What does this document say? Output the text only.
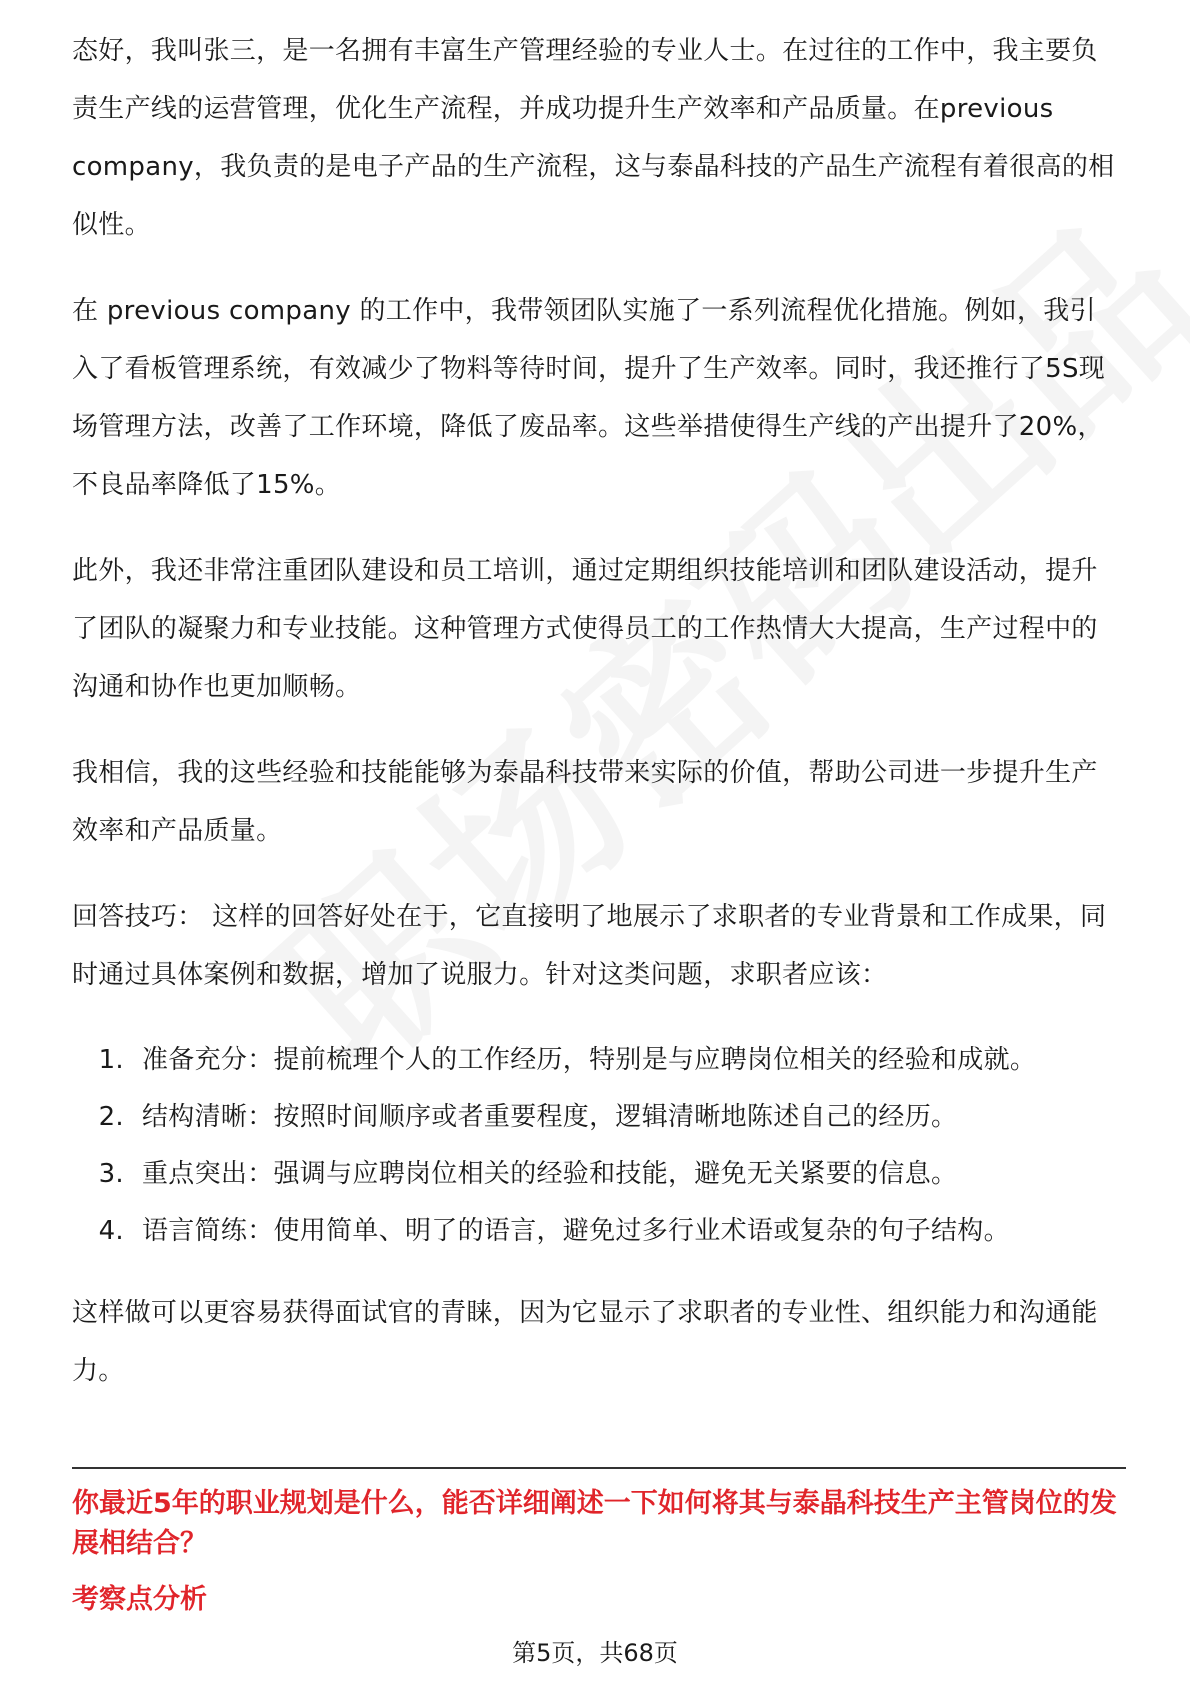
态好，我叫张三，是一名拥有丰富生产管理经验的专业人士。在过往的工作中，我主要负责生产线的运营管理，优化生产流程，并成功提升生产效率和产品质量。在previous company，我负责的是电子产品的生产流程，这与泰晶科技的产品生产流程有着很高的相似性。

在 previous company 的工作中，我带领团队实施了一系列流程优化措施。例如，我引入了看板管理系统，有效减少了物料等待时间，提升了生产效率。同时，我还推行了5S现场管理方法，改善了工作环境，降低了废品率。这些举措使得生产线的产出提升了20%，不良品率降低了15%。

此外，我还非常注重团队建设和员工培训，通过定期组织技能培训和团队建设活动，提升了团队的凝聚力和专业技能。这种管理方式使得员工的工作热情大大提高，生产过程中的沟通和协作也更加顺畅。

我相信，我的这些经验和技能能够为泰晶科技带来实际的价值，帮助公司进一步提升生产效率和产品质量。

回答技巧： 这样的回答好处在于，它直接明了地展示了求职者的专业背景和工作成果，同时通过具体案例和数据，增加了说服力。针对这类问题，求职者应该：

1. 准备充分：提前梳理个人的工作经历，特别是与应聘岗位相关的经验和成就。
2. 结构清晰：按照时间顺序或者重要程度，逻辑清晰地陈述自己的经历。
3. 重点突出：强调与应聘岗位相关的经验和技能，避免无关紧要的信息。
4. 语言简练：使用简单、明了的语言，避免过多行业术语或复杂的句子结构。

这样做可以更容易获得面试官的青睐，因为它显示了求职者的专业性、组织能力和沟通能力。

你最近5年的职业规划是什么，能否详细阐述一下如何将其与泰晶科技生产主管岗位的发展相结合？
考察点分析
第5页，共68页
